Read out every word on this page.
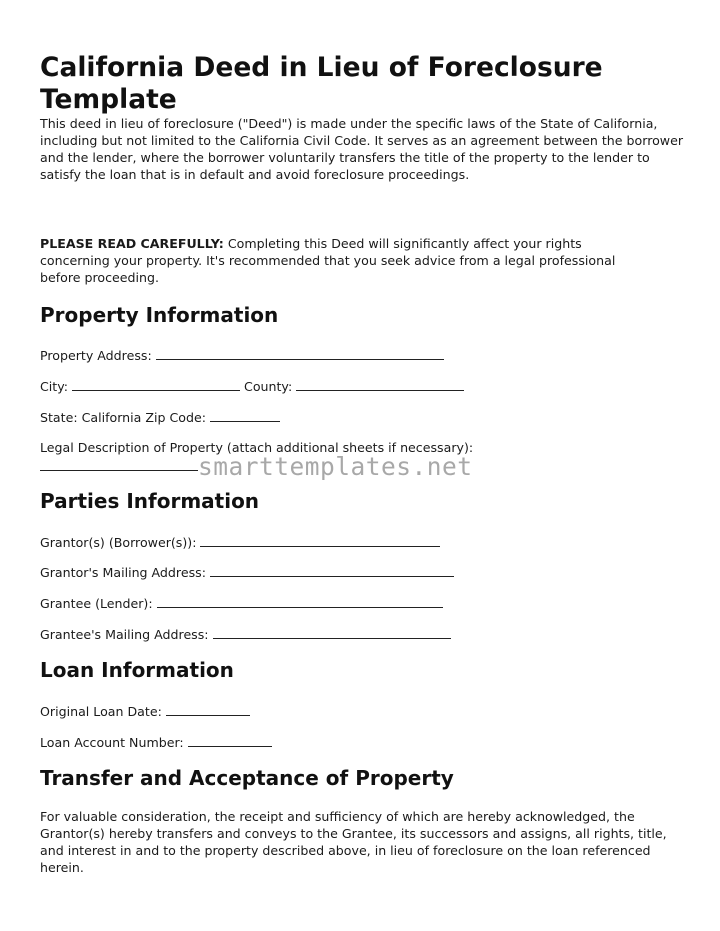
California Deed in Lieu of Foreclosure Template

This deed in lieu of foreclosure ("Deed") is made under the specific laws of the State of California, including but not limited to the California Civil Code. It serves as an agreement between the borrower and the lender, where the borrower voluntarily transfers the title of the property to the lender to satisfy the loan that is in default and avoid foreclosure proceedings.

PLEASE READ CAREFULLY: Completing this Deed will significantly affect your rights concerning your property. It's recommended that you seek advice from a legal professional before proceeding.

Property Information
Property Address:
City:	County:
State: California Zip Code:
Legal Description of Property (attach additional sheets if necessary):
smarttemplates.net
Parties Information
Grantor(s) (Borrower(s)):
Grantor's Mailing Address:
Grantee (Lender):
Grantee's Mailing Address:
Loan Information
Original Loan Date:
Loan Account Number:
Transfer and Acceptance of Property

For valuable consideration, the receipt and sufficiency of which are hereby acknowledged, the Grantor(s) hereby transfers and conveys to the Grantee, its successors and assigns, all rights, title, and interest in and to the property described above, in lieu of foreclosure on the loan referenced herein.
